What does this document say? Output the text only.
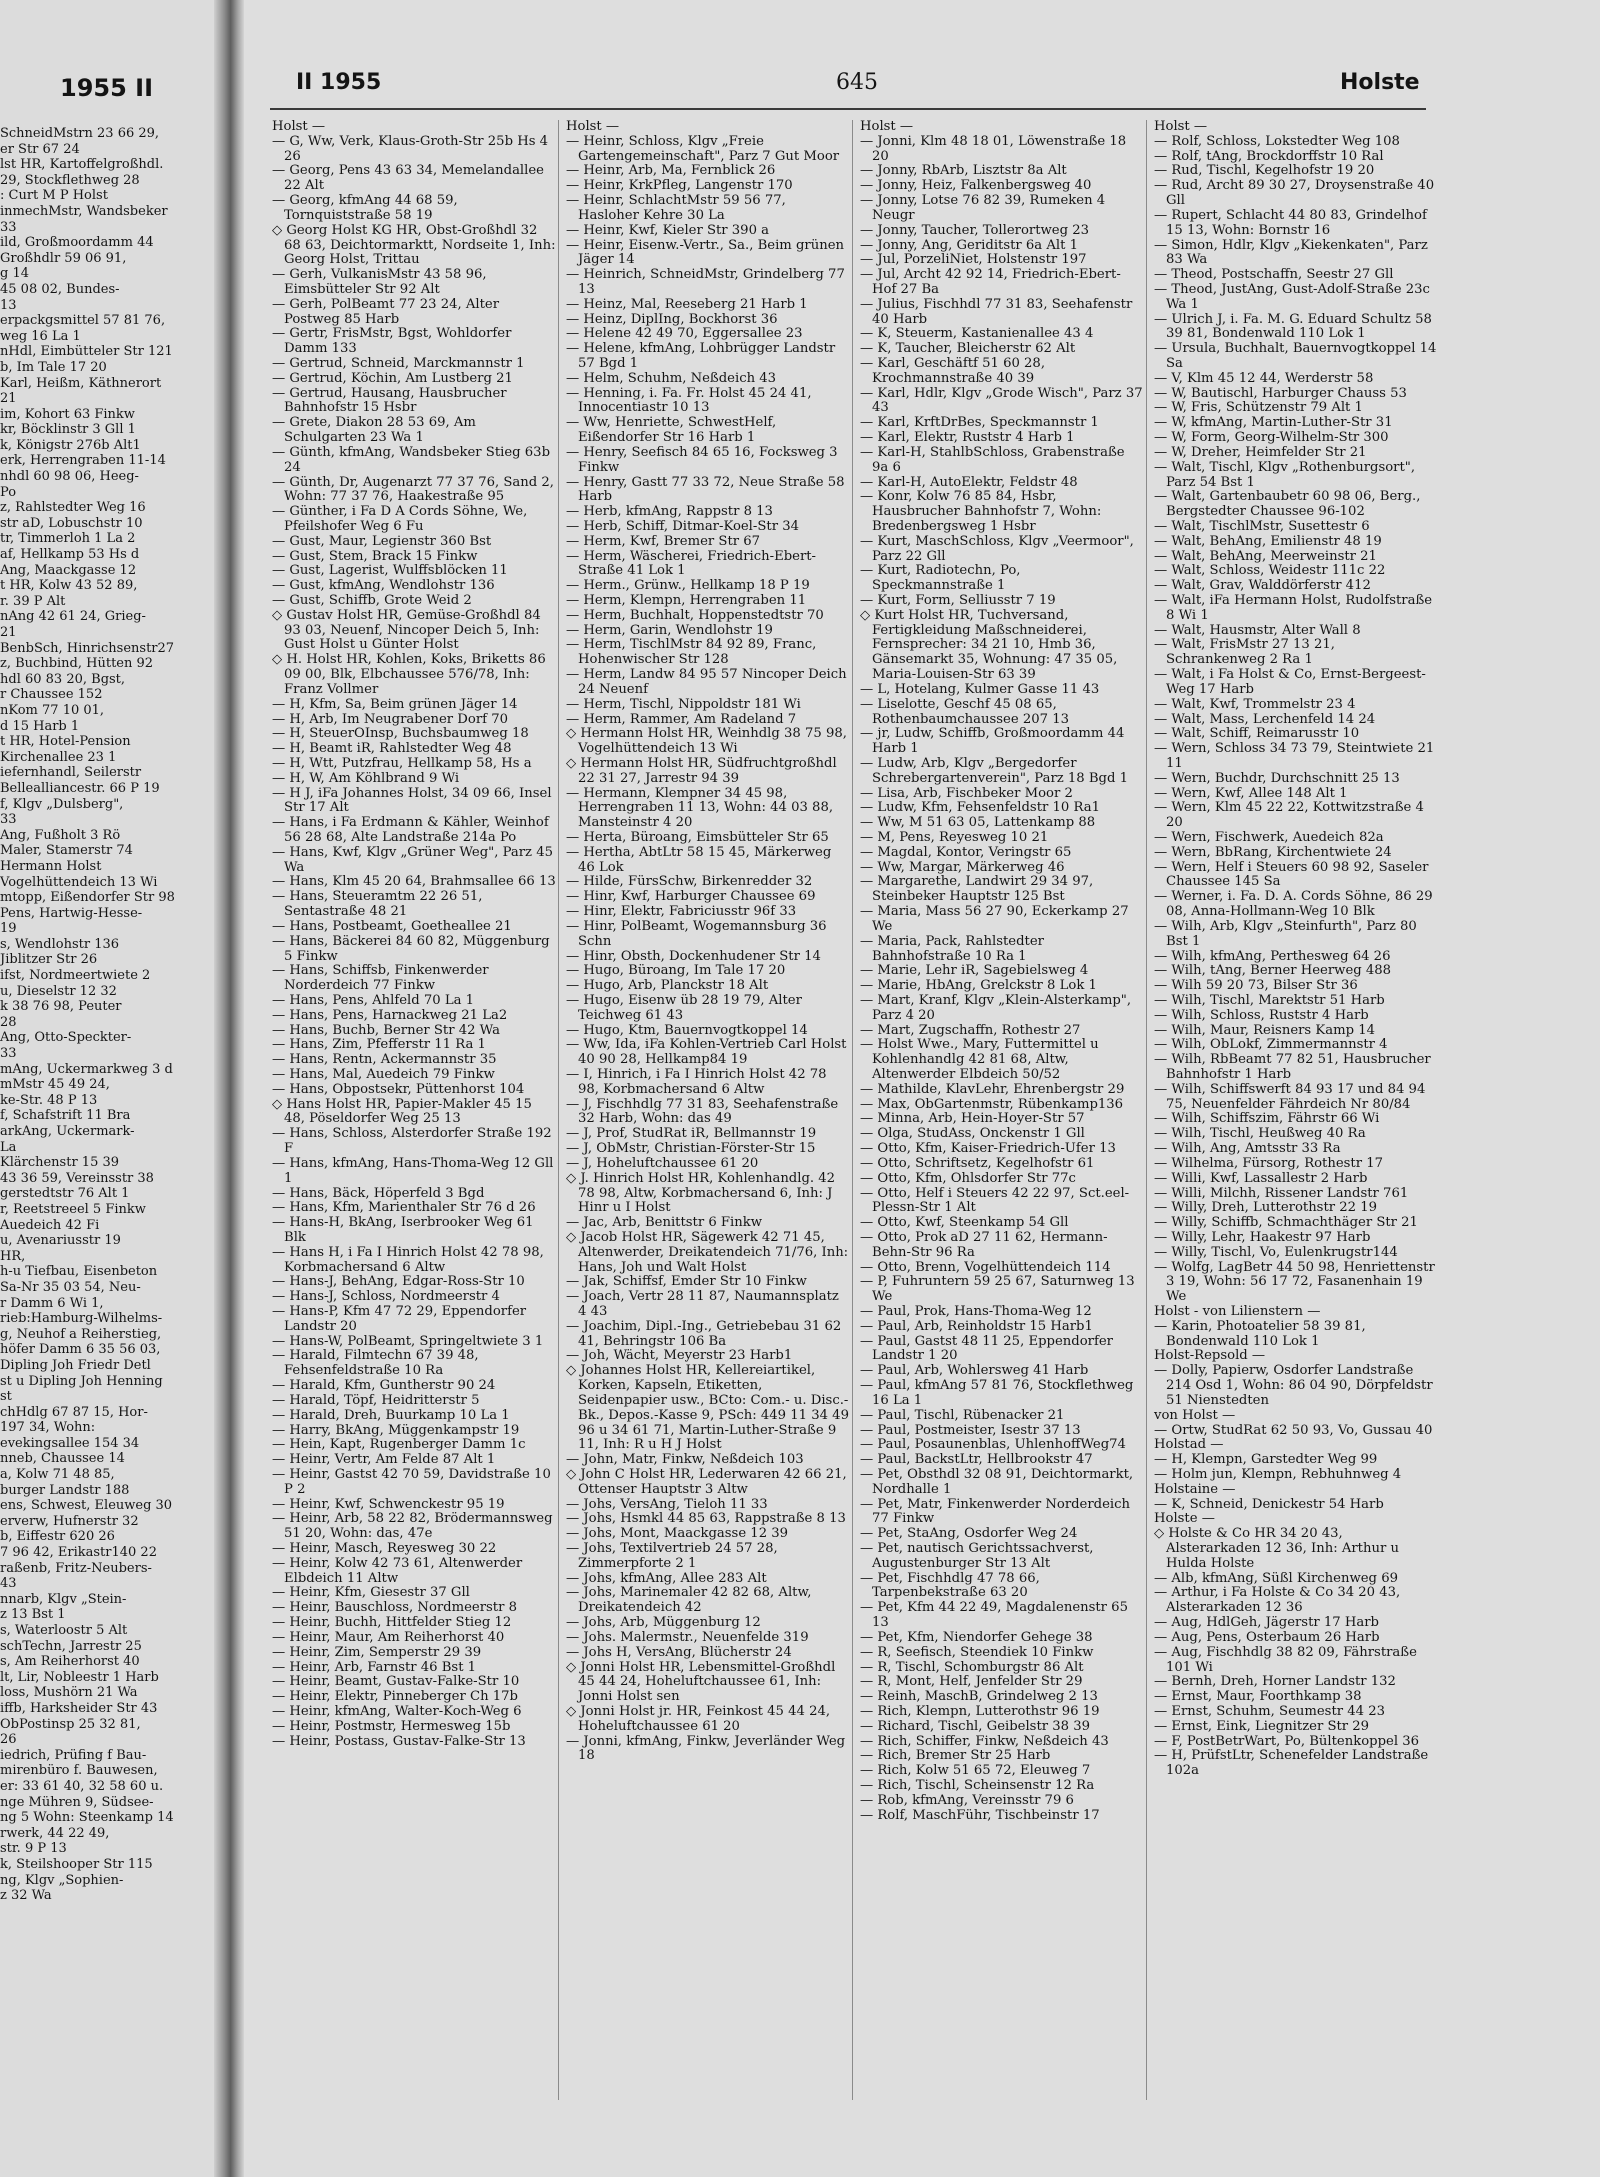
1955 II
SchneidMstrn 23 66 29,
er Str 67 24
lst HR, Kartoffelgroßhdl.
29, Stockflethweg 28
: Curt M P Holst
inmechMstr, Wandsbeker
33
ild, Großmoordamm 44
Großhdlr 59 06 91,
g 14
45 08 02, Bundes-
13
erpackgsmittel 57 81 76,
weg 16 La 1
nHdl, Eimbütteler Str 121
b, Im Tale 17 20
Karl, Heißm, Käthnerort
21
im, Kohort 63 Finkw
kr, Böcklinstr 3 Gll 1
k, Königstr 276b Alt1
erk, Herrengraben 11-14
nhdl 60 98 06, Heeg-
Po
z, Rahlstedter Weg 16
str aD, Lobuschstr 10
tr, Timmerloh 1 La 2
af, Hellkamp 53 Hs d
Ang, Maackgasse 12
t HR, Kolw 43 52 89,
r. 39 P Alt
nAng 42 61 24, Grieg-
21
BenbSch, Hinrichsenstr27
z, Buchbind, Hütten 92
hdl 60 83 20, Bgst,
r Chaussee 152
nKom 77 10 01,
d 15 Harb 1
t HR, Hotel-Pension
Kirchenallee 23 1
iefernhandl, Seilerstr
Bellealliancestr. 66 P 19
f, Klgv „Dulsberg",
33
Ang, Fußholt 3 Rö
Maler, Stamerstr 74
Hermann Holst
Vogelhüttendeich 13 Wi
mtopp, Eißendorfer Str 98
Pens, Hartwig-Hesse-
19
s, Wendlohstr 136
Jiblitzer Str 26
ifst, Nordmeertwiete 2
u, Dieselstr 12 32
k 38 76 98, Peuter
28
Ang, Otto-Speckter-
33
mAng, Uckermarkweg 3 d
mMstr 45 49 24,
ke-Str. 48 P 13
f, Schafstrift 11 Bra
arkAng, Uckermark-
La
Klärchenstr 15 39
43 36 59, Vereinsstr 38
gerstedtstr 76 Alt 1
r, Reetstreeel 5 Finkw
Auedeich 42 Fi
u, Avenariusstr 19
HR,
h-u Tiefbau, Eisenbeton
Sa-Nr 35 03 54, Neu-
r Damm 6 Wi 1,
rieb:Hamburg-Wilhelms-
g, Neuhof a Reiherstieg,
höfer Damm 6 35 56 03,
Dipling Joh Friedr Detl
st u Dipling Joh Henning
st
chHdlg 67 87 15, Hor-
197 34, Wohn:
evekingsallee 154 34
nneb, Chaussee 14
a, Kolw 71 48 85,
burger Landstr 188
ens, Schwest, Eleuweg 30
erverw, Hufnerstr 32
b, Eiffestr 620 26
7 96 42, Erikastr140 22
raßenb, Fritz-Neubers-
43
nnarb, Klgv „Stein-
z 13 Bst 1
s, Waterloostr 5 Alt
schTechn, Jarrestr 25
s, Am Reiherhorst 40
lt, Lir, Nobleestr 1 Harb
loss, Mushörn 21 Wa
iffb, Harksheider Str 43
ObPostinsp 25 32 81,
26
iedrich, Prüfing f Bau-
mirenbüro f. Bauwesen,
er: 33 61 40, 32 58 60 u.
nge Mühren 9, Südsee-
ng 5 Wohn: Steenkamp 14
rwerk, 44 22 49,
str. 9 P 13
k, Steilshooper Str 115
ng, Klgv „Sophien-
z 32 Wa
II 1955	645	Holste
Holst —
— G, Ww, Verk, Klaus-Groth-Str 25b Hs 4 26
— Georg, Pens 43 63 34, Memelandallee 22 Alt
— Georg, kfmAng 44 68 59, Tornquiststraße 58 19
◇ Georg Holst KG HR, Obst-Großhdl 32 68 63, Deichtormarktt, Nordseite 1, Inh: Georg Holst, Trittau
— Gerh, VulkanisMstr 43 58 96, Eimsbütteler Str 92 Alt
— Gerh, PolBeamt 77 23 24, Alter Postweg 85 Harb
— Gertr, FrisMstr, Bgst, Wohldorfer Damm 133
— Gertrud, Schneid, Marckmannstr 1
— Gertrud, Köchin, Am Lustberg 21
— Gertrud, Hausang, Hausbrucher Bahnhofstr 15 Hsbr
— Grete, Diakon 28 53 69, Am Schulgarten 23 Wa 1
— Günth, kfmAng, Wandsbeker Stieg 63b 24
— Günth, Dr, Augenarzt 77 37 76, Sand 2, Wohn: 77 37 76, Haakestraße 95
— Günther, i Fa D A Cords Söhne, We, Pfeilshofer Weg 6 Fu
— Gust, Maur, Legienstr 360 Bst
— Gust, Stem, Brack 15 Finkw
— Gust, Lagerist, Wulffsblöcken 11
— Gust, kfmAng, Wendlohstr 136
— Gust, Schiffb, Grote Weid 2
◇ Gustav Holst HR, Gemüse-Großhdl 84 93 03, Neuenf, Nincoper Deich 5, Inh: Gust Holst u Günter Holst
◇ H. Holst HR, Kohlen, Koks, Briketts 86 09 00, Blk, Elbchaussee 576/78, Inh: Franz Vollmer
— H, Kfm, Sa, Beim grünen Jäger 14
— H, Arb, Im Neugrabener Dorf 70
— H, SteuerOInsp, Buchsbaumweg 18
— H, Beamt iR, Rahlstedter Weg 48
— H, Wtt, Putzfrau, Hellkamp 58, Hs a
— H, W, Am Köhlbrand 9 Wi
— H J, iFa Johannes Holst, 34 09 66, Insel Str 17 Alt
— Hans, i Fa Erdmann & Kähler, Weinhof 56 28 68, Alte Landstraße 214a Po
— Hans, Kwf, Klgv „Grüner Weg", Parz 45 Wa
— Hans, Klm 45 20 64, Brahmsallee 66 13
— Hans, Steueramtm 22 26 51, Sentastraße 48 21
— Hans, Postbeamt, Goetheallee 21
— Hans, Bäckerei 84 60 82, Müggenburg 5 Finkw
— Hans, Schiffsb, Finkenwerder Norderdeich 77 Finkw
— Hans, Pens, Ahlfeld 70 La 1
— Hans, Pens, Harnackweg 21 La2
— Hans, Buchb, Berner Str 42 Wa
— Hans, Zim, Pfefferstr 11 Ra 1
— Hans, Rentn, Ackermannstr 35
— Hans, Mal, Auedeich 79 Finkw
— Hans, Obpostsekr, Püttenhorst 104
◇ Hans Holst HR, Papier-Makler 45 15 48, Pöseldorfer Weg 25 13
— Hans, Schloss, Alsterdorfer Straße 192 F
— Hans, kfmAng, Hans-Thoma-Weg 12 Gll 1
— Hans, Bäck, Höperfeld 3 Bgd
— Hans, Kfm, Marienthaler Str 76 d 26
— Hans-H, BkAng, Iserbrooker Weg 61 Blk
— Hans H, i Fa I Hinrich Holst 42 78 98, Korbmachersand 6 Altw
— Hans-J, BehAng, Edgar-Ross-Str 10
— Hans-J, Schloss, Nordmeerstr 4
— Hans-P, Kfm 47 72 29, Eppendorfer Landstr 20
— Hans-W, PolBeamt, Springeltwiete 3 1
— Harald, Filmtechn 67 39 48, Fehsenfeldstraße 10 Ra
— Harald, Kfm, Guntherstr 90 24
— Harald, Töpf, Heidritterstr 5
— Harald, Dreh, Buurkamp 10 La 1
— Harry, BkAng, Müggenkampstr 19
— Hein, Kapt, Rugenberger Damm 1c
— Heinr, Vertr, Am Felde 87 Alt 1
— Heinr, Gastst 42 70 59, Davidstraße 10 P 2
— Heinr, Kwf, Schwenckestr 95 19
— Heinr, Arb, 58 22 82, Brödermannsweg 51 20, Wohn: das, 47e
— Heinr, Masch, Reyesweg 30 22
— Heinr, Kolw 42 73 61, Altenwerder Elbdeich 11 Altw
— Heinr, Kfm, Giesestr 37 Gll
— Heinr, Bauschloss, Nordmeerstr 8
— Heinr, Buchh, Hittfelder Stieg 12
— Heinr, Maur, Am Reiherhorst 40
— Heinr, Zim, Semperstr 29 39
— Heinr, Arb, Farnstr 46 Bst 1
— Heinr, Beamt, Gustav-Falke-Str 10
— Heinr, Elektr, Pinneberger Ch 17b
— Heinr, kfmAng, Walter-Koch-Weg 6
— Heinr, Postmstr, Hermesweg 15b
— Heinr, Postass, Gustav-Falke-Str 13
Holst —
— Heinr, Schloss, Klgv „Freie Gartengemeinschaft", Parz 7 Gut Moor
— Heinr, Arb, Ma, Fernblick 26
— Heinr, KrkPfleg, Langenstr 170
— Heinr, SchlachtMstr 59 56 77, Hasloher Kehre 30 La
— Heinr, Kwf, Kieler Str 390 a
— Heinr, Eisenw.-Vertr., Sa., Beim grünen Jäger 14
— Heinrich, SchneidMstr, Grindelberg 77 13
— Heinz, Mal, Reeseberg 21 Harb 1
— Heinz, DiplIng, Bockhorst 36
— Helene 42 49 70, Eggersallee 23
— Helene, kfmAng, Lohbrügger Landstr 57 Bgd 1
— Helm, Schuhm, Neßdeich 43
— Henning, i. Fa. Fr. Holst 45 24 41, Innocentiastr 10 13
— Ww, Henriette, SchwestHelf, Eißendorfer Str 16 Harb 1
— Henry, Seefisch 84 65 16, Focksweg 3 Finkw
— Henry, Gastt 77 33 72, Neue Straße 58 Harb
— Herb, kfmAng, Rappstr 8 13
— Herb, Schiff, Ditmar-Koel-Str 34
— Herm, Kwf, Bremer Str 67
— Herm, Wäscherei, Friedrich-Ebert-Straße 41 Lok 1
— Herm., Grünw., Hellkamp 18 P 19
— Herm, Klempn, Herrengraben 11
— Herm, Buchhalt, Hoppenstedtstr 70
— Herm, Garin, Wendlohstr 19
— Herm, TischlMstr 84 92 89, Franc, Hohenwischer Str 128
— Herm, Landw 84 95 57 Nincoper Deich 24 Neuenf
— Herm, Tischl, Nippoldstr 181 Wi
— Herm, Rammer, Am Radeland 7
◇ Hermann Holst HR, Weinhdlg 38 75 98, Vogelhüttendeich 13 Wi
◇ Hermann Holst HR, Südfruchtgroßhdl 22 31 27, Jarrestr 94 39
— Hermann, Klempner 34 45 98, Herrengraben 11 13, Wohn: 44 03 88, Mansteinstr 4 20
— Herta, Büroang, Eimsbütteler Str 65
— Hertha, AbtLtr 58 15 45, Märkerweg 46 Lok
— Hilde, FürsSchw, Birkenredder 32
— Hinr, Kwf, Harburger Chaussee 69
— Hinr, Elektr, Fabriciusstr 96f 33
— Hinr, PolBeamt, Wogemannsburg 36 Schn
— Hinr, Obsth, Dockenhudener Str 14
— Hugo, Büroang, Im Tale 17 20
— Hugo, Arb, Planckstr 18 Alt
— Hugo, Eisenw üb 28 19 79, Alter Teichweg 61 43
— Hugo, Ktm, Bauernvogtkoppel 14
— Ww, Ida, iFa Kohlen-Vertrieb Carl Holst 40 90 28, Hellkamp84 19
— I, Hinrich, i Fa I Hinrich Holst 42 78 98, Korbmachersand 6 Altw
— J, Fischhdlg 77 31 83, Seehafenstraße 32 Harb, Wohn: das 49
— J, Prof, StudRat iR, Bellmannstr 19
— J, ObMstr, Christian-Förster-Str 15
— J, Hoheluftchaussee 61 20
◇ J. Hinrich Holst HR, Kohlenhandlg. 42 78 98, Altw, Korbmachersand 6, Inh: J Hinr u I Holst
— Jac, Arb, Benittstr 6 Finkw
◇ Jacob Holst HR, Sägewerk 42 71 45, Altenwerder, Dreikatendeich 71/76, Inh: Hans, Joh und Walt Holst
— Jak, Schiffsf, Emder Str 10 Finkw
— Joach, Vertr 28 11 87, Naumannsplatz 4 43
— Joachim, Dipl.-Ing., Getriebebau 31 62 41, Behringstr 106 Ba
— Joh, Wächt, Meyerstr 23 Harb1
◇ Johannes Holst HR, Kellereiartikel, Korken, Kapseln, Etiketten, Seidenpapier usw., BCto: Com.- u. Disc.-Bk., Depos.-Kasse 9, PSch: 449 11 34 49 96 u 34 61 71, Martin-Luther-Straße 9 11, Inh: R u H J Holst
— John, Matr, Finkw, Neßdeich 103
◇ John C Holst HR, Lederwaren 42 66 21, Ottenser Hauptstr 3 Altw
— Johs, VersAng, Tieloh 11 33
— Johs, Hsmkl 44 85 63, Rappstraße 8 13
— Johs, Mont, Maackgasse 12 39
— Johs, Textilvertrieb 24 57 28, Zimmerpforte 2 1
— Johs, kfmAng, Allee 283 Alt
— Johs, Marinemaler 42 82 68, Altw, Dreikatendeich 42
— Johs, Arb, Müggenburg 12
— Johs. Malermstr., Neuenfelde 319
— Johs H, VersAng, Blücherstr 24
◇ Jonni Holst HR, Lebensmittel-Großhdl 45 44 24, Hoheluftchaussee 61, Inh: Jonni Holst sen
◇ Jonni Holst jr. HR, Feinkost 45 44 24, Hoheluftchaussee 61 20
— Jonni, kfmAng, Finkw, Jeverländer Weg 18
Holst —
— Jonni, Klm 48 18 01, Löwenstraße 18 20
— Jonny, RbArb, Lisztstr 8a Alt
— Jonny, Heiz, Falkenbergsweg 40
— Jonny, Lotse 76 82 39, Rumeken 4 Neugr
— Jonny, Taucher, Tollerortweg 23
— Jonny, Ang, Geriditstr 6a Alt 1
— Jul, PorzeliNiet, Holstenstr 197
— Jul, Archt 42 92 14, Friedrich-Ebert-Hof 27 Ba
— Julius, Fischhdl 77 31 83, Seehafenstr 40 Harb
— K, Steuerm, Kastanienallee 43 4
— K, Taucher, Bleicherstr 62 Alt
— Karl, Geschäftf 51 60 28, Krochmannstraße 40 39
— Karl, Hdlr, Klgv „Grode Wisch", Parz 37 43
— Karl, KrftDrBes, Speckmannstr 1
— Karl, Elektr, Ruststr 4 Harb 1
— Karl-H, StahlbSchloss, Grabenstraße 9a 6
— Karl-H, AutoElektr, Feldstr 48
— Konr, Kolw 76 85 84, Hsbr, Hausbrucher Bahnhofstr 7, Wohn: Bredenbergsweg 1 Hsbr
— Kurt, MaschSchloss, Klgv „Veermoor", Parz 22 Gll
— Kurt, Radiotechn, Po, Speckmannstraße 1
— Kurt, Form, Selliusstr 7 19
◇ Kurt Holst HR, Tuchversand, Fertigkleidung Maßschneiderei, Fernsprecher: 34 21 10, Hmb 36, Gänsemarkt 35, Wohnung: 47 35 05, Maria-Louisen-Str 63 39
— L, Hotelang, Kulmer Gasse 11 43
— Liselotte, Geschf 45 08 65, Rothenbaumchaussee 207 13
— jr, Ludw, Schiffb, Großmoordamm 44 Harb 1
— Ludw, Arb, Klgv „Bergedorfer Schrebergartenverein", Parz 18 Bgd 1
— Lisa, Arb, Fischbeker Moor 2
— Ludw, Kfm, Fehsenfeldstr 10 Ra1
— Ww, M 51 63 05, Lattenkamp 88
— M, Pens, Reyesweg 10 21
— Magdal, Kontor, Veringstr 65
— Ww, Margar, Märkerweg 46
— Margarethe, Landwirt 29 34 97, Steinbeker Hauptstr 125 Bst
— Maria, Mass 56 27 90, Eckerkamp 27 We
— Maria, Pack, Rahlstedter Bahnhofstraße 10 Ra 1
— Marie, Lehr iR, Sagebielsweg 4
— Marie, HbAng, Grelckstr 8 Lok 1
— Mart, Kranf, Klgv „Klein-Alsterkamp", Parz 4 20
— Mart, Zugschaffn, Rothestr 27
— Holst Wwe., Mary, Futtermittel u Kohlenhandlg 42 81 68, Altw, Altenwerder Elbdeich 50/52
— Mathilde, KlavLehr, Ehrenbergstr 29
— Max, ObGartenmstr, Rübenkamp136
— Minna, Arb, Hein-Hoyer-Str 57
— Olga, StudAss, Onckenstr 1 Gll
— Otto, Kfm, Kaiser-Friedrich-Ufer 13
— Otto, Schriftsetz, Kegelhofstr 61
— Otto, Kfm, Ohlsdorfer Str 77c
— Otto, Helf i Steuers 42 22 97, Sct.eel-Plessn-Str 1 Alt
— Otto, Kwf, Steenkamp 54 Gll
— Otto, Prok aD 27 11 62, Hermann-Behn-Str 96 Ra
— Otto, Brenn, Vogelhüttendeich 114
— P, Fuhruntern 59 25 67, Saturnweg 13 We
— Paul, Prok, Hans-Thoma-Weg 12
— Paul, Arb, Reinholdstr 15 Harb1
— Paul, Gastst 48 11 25, Eppendorfer Landstr 1 20
— Paul, Arb, Wohlersweg 41 Harb
— Paul, kfmAng 57 81 76, Stockflethweg 16 La 1
— Paul, Tischl, Rübenacker 21
— Paul, Postmeister, Isestr 37 13
— Paul, Posaunenblas, UhlenhoffWeg74
— Paul, BackstLtr, Hellbrookstr 47
— Pet, Obsthdl 32 08 91, Deichtormarkt, Nordhalle 1
— Pet, Matr, Finkenwerder Norderdeich 77 Finkw
— Pet, StaAng, Osdorfer Weg 24
— Pet, nautisch Gerichtssachverst, Augustenburger Str 13 Alt
— Pet, Fischhdlg 47 78 66, Tarpenbekstraße 63 20
— Pet, Kfm 44 22 49, Magdalenenstr 65 13
— Pet, Kfm, Niendorfer Gehege 38
— R, Seefisch, Steendiek 10 Finkw
— R, Tischl, Schomburgstr 86 Alt
— R, Mont, Helf, Jenfelder Str 29
— Reinh, MaschB, Grindelweg 2 13
— Rich, Klempn, Lutterothstr 96 19
— Richard, Tischl, Geibelstr 38 39
— Rich, Schiffer, Finkw, Neßdeich 43
— Rich, Bremer Str 25 Harb
— Rich, Kolw 51 65 72, Eleuweg 7
— Rich, Tischl, Scheinsenstr 12 Ra
— Rob, kfmAng, Vereinsstr 79 6
— Rolf, MaschFühr, Tischbeinstr 17
Holst —
— Rolf, Schloss, Lokstedter Weg 108
— Rolf, tAng, Brockdorffstr 10 Ral
— Rud, Tischl, Kegelhofstr 19 20
— Rud, Archt 89 30 27, Droysenstraße 40 Gll
— Rupert, Schlacht 44 80 83, Grindelhof 15 13, Wohn: Bornstr 16
— Simon, Hdlr, Klgv „Kiekenkaten", Parz 83 Wa
— Theod, Postschaffn, Seestr 27 Gll
— Theod, JustAng, Gust-Adolf-Straße 23c Wa 1
— Ulrich J, i. Fa. M. G. Eduard Schultz 58 39 81, Bondenwald 110 Lok 1
— Ursula, Buchhalt, Bauernvogtkoppel 14 Sa
— V, Klm 45 12 44, Werderstr 58
— W, Bautischl, Harburger Chauss 53
— W, Fris, Schützenstr 79 Alt 1
— W, kfmAng, Martin-Luther-Str 31
— W, Form, Georg-Wilhelm-Str 300
— W, Dreher, Heimfelder Str 21
— Walt, Tischl, Klgv „Rothenburgsort", Parz 54 Bst 1
— Walt, Gartenbaubetr 60 98 06, Berg., Bergstedter Chaussee 96-102
— Walt, TischlMstr, Susettestr 6
— Walt, BehAng, Emilienstr 48 19
— Walt, BehAng, Meerweinstr 21
— Walt, Schloss, Weidestr 111c 22
— Walt, Grav, Walddörferstr 412
— Walt, iFa Hermann Holst, Rudolfstraße 8 Wi 1
— Walt, Hausmstr, Alter Wall 8
— Walt, FrisMstr 27 13 21, Schrankenweg 2 Ra 1
— Walt, i Fa Holst & Co, Ernst-Bergeest-Weg 17 Harb
— Walt, Kwf, Trommelstr 23 4
— Walt, Mass, Lerchenfeld 14 24
— Walt, Schiff, Reimarusstr 10
— Wern, Schloss 34 73 79, Steintwiete 21 11
— Wern, Buchdr, Durchschnitt 25 13
— Wern, Kwf, Allee 148 Alt 1
— Wern, Klm 45 22 22, Kottwitzstraße 4 20
— Wern, Fischwerk, Auedeich 82a
— Wern, BbRang, Kirchentwiete 24
— Wern, Helf i Steuers 60 98 92, Saseler Chaussee 145 Sa
— Werner, i. Fa. D. A. Cords Söhne, 86 29 08, Anna-Hollmann-Weg 10 Blk
— Wilh, Arb, Klgv „Steinfurth", Parz 80 Bst 1
— Wilh, kfmAng, Perthesweg 64 26
— Wilh, tAng, Berner Heerweg 488
— Wilh 59 20 73, Bilser Str 36
— Wilh, Tischl, Marektstr 51 Harb
— Wilh, Schloss, Ruststr 4 Harb
— Wilh, Maur, Reisners Kamp 14
— Wilh, ObLokf, Zimmermannstr 4
— Wilh, RbBeamt 77 82 51, Hausbrucher Bahnhofstr 1 Harb
— Wilh, Schiffswerft 84 93 17 und 84 94 75, Neuenfelder Fährdeich Nr 80/84
— Wilh, Schiffszim, Fährstr 66 Wi
— Wilh, Tischl, Heußweg 40 Ra
— Wilh, Ang, Amtsstr 33 Ra
— Wilhelma, Fürsorg, Rothestr 17
— Willi, Kwf, Lassallestr 2 Harb
— Willi, Milchh, Rissener Landstr 761
— Willy, Dreh, Lutterothstr 22 19
— Willy, Schiffb, Schmachthäger Str 21
— Willy, Lehr, Haakestr 97 Harb
— Willy, Tischl, Vo, Eulenkrugstr144
— Wolfg, LagBetr 44 50 98, Henriettenstr 3 19, Wohn: 56 17 72, Fasanenhain 19 We
Holst - von Lilienstern —
— Karin, Photoatelier 58 39 81, Bondenwald 110 Lok 1
Holst-Repsold —
— Dolly, Papierw, Osdorfer Landstraße 214 Osd 1, Wohn: 86 04 90, Dörpfeldstr 51 Nienstedten
von Holst —
— Ortw, StudRat 62 50 93, Vo, Gussau 40
Holstad —
— H, Klempn, Garstedter Weg 99
— Holm jun, Klempn, Rebhuhnweg 4
Holstaine —
— K, Schneid, Denickestr 54 Harb
Holste —
◇ Holste & Co HR 34 20 43, Alsterarkaden 12 36, Inh: Arthur u Hulda Holste
— Alb, kfmAng, Süßl Kirchenweg 69
— Arthur, i Fa Holste & Co 34 20 43, Alsterarkaden 12 36
— Aug, HdlGeh, Jägerstr 17 Harb
— Aug, Pens, Osterbaum 26 Harb
— Aug, Fischhdlg 38 82 09, Fährstraße 101 Wi
— Bernh, Dreh, Horner Landstr 132
— Ernst, Maur, Foorthkamp 38
— Ernst, Schuhm, Seumestr 44 23
— Ernst, Eink, Liegnitzer Str 29
— F, PostBetrWart, Po, Bültenkoppel 36
— H, PrüfstLtr, Schenefelder Landstraße 102a
